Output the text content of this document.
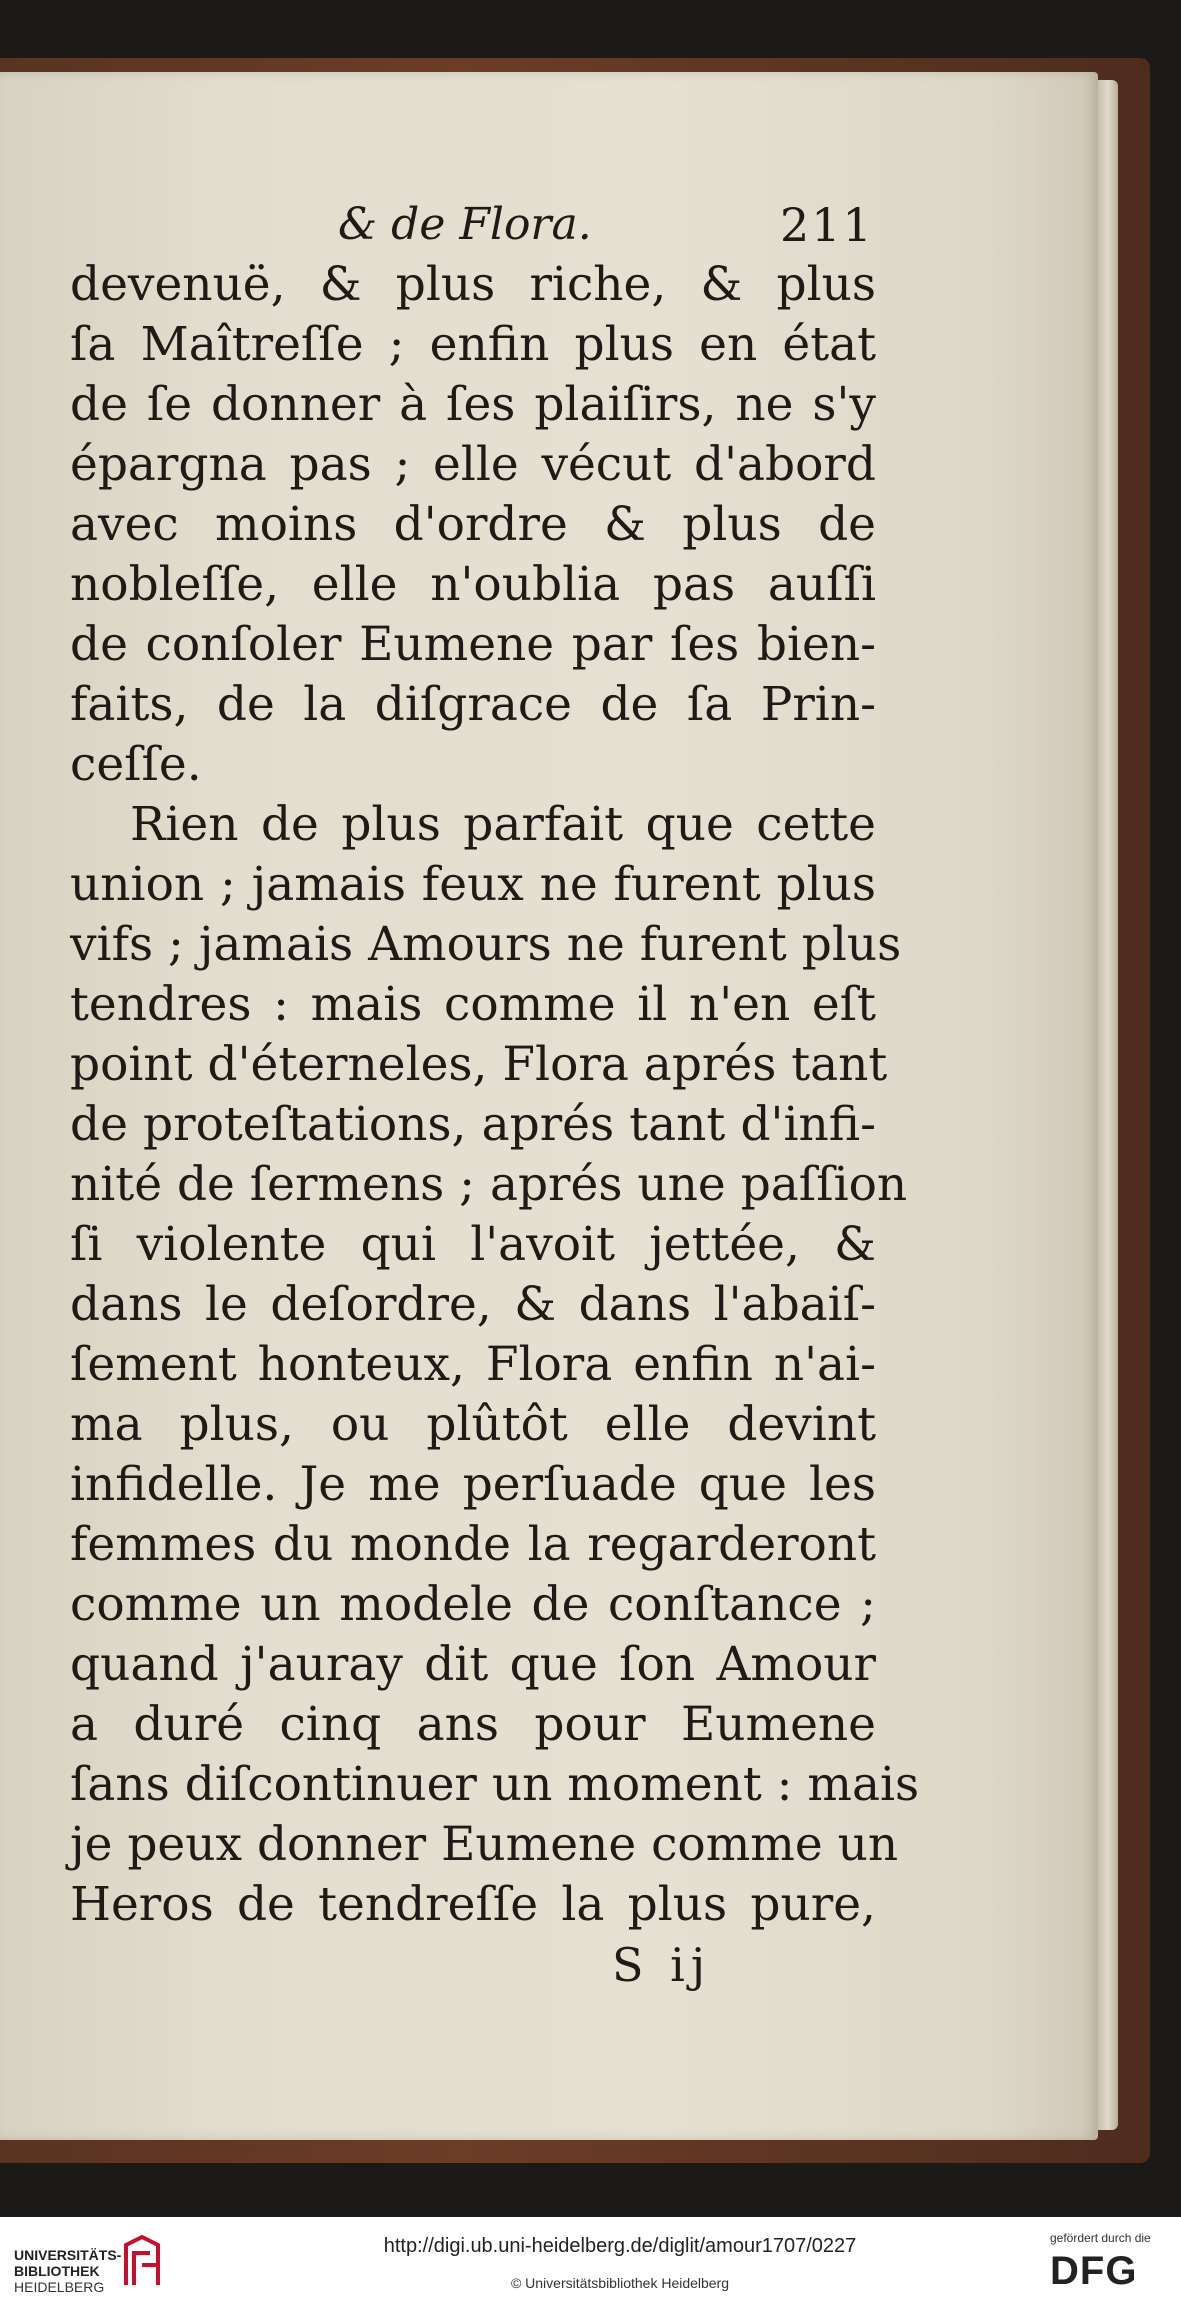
& de Flora.	211
devenuë, & plus riche, & plus
ſa Maîtreſſe ; enfin plus en état
de ſe donner à ſes plaiſirs, ne s'y
épargna pas ; elle vécut d'abord
avec moins d'ordre & plus de
nobleſſe, elle n'oublia pas auſſi
de conſoler Eumene par ſes bien-
faits, de la diſgrace de ſa Prin-
ceſſe.
Rien de plus parfait que cette
union ; jamais feux ne furent plus
vifs ; jamais Amours ne furent plus
tendres : mais comme il n'en eſt
point d'éterneles, Flora aprés tant
de proteſtations, aprés tant d'infi-
nité de ſermens ; aprés une paſſion
ſi violente qui l'avoit jettée, &
dans le deſordre, & dans l'abaiſ-
ſement honteux, Flora enfin n'ai-
ma plus, ou plûtôt elle devint
infidelle. Je me perſuade que les
femmes du monde la regarderont
comme un modele de conſtance ;
quand j'auray dit que ſon Amour
a duré cinq ans pour Eumene
ſans diſcontinuer un moment : mais
je peux donner Eumene comme un
Heros de tendreſſe la plus pure,
S ij
UNIVERSITÄTS-
BIBLIOTHEK
HEIDELBERG
http://digi.ub.uni-heidelberg.de/diglit/amour1707/0227
© Universitätsbibliothek Heidelberg
gefördert durch die
DFG
